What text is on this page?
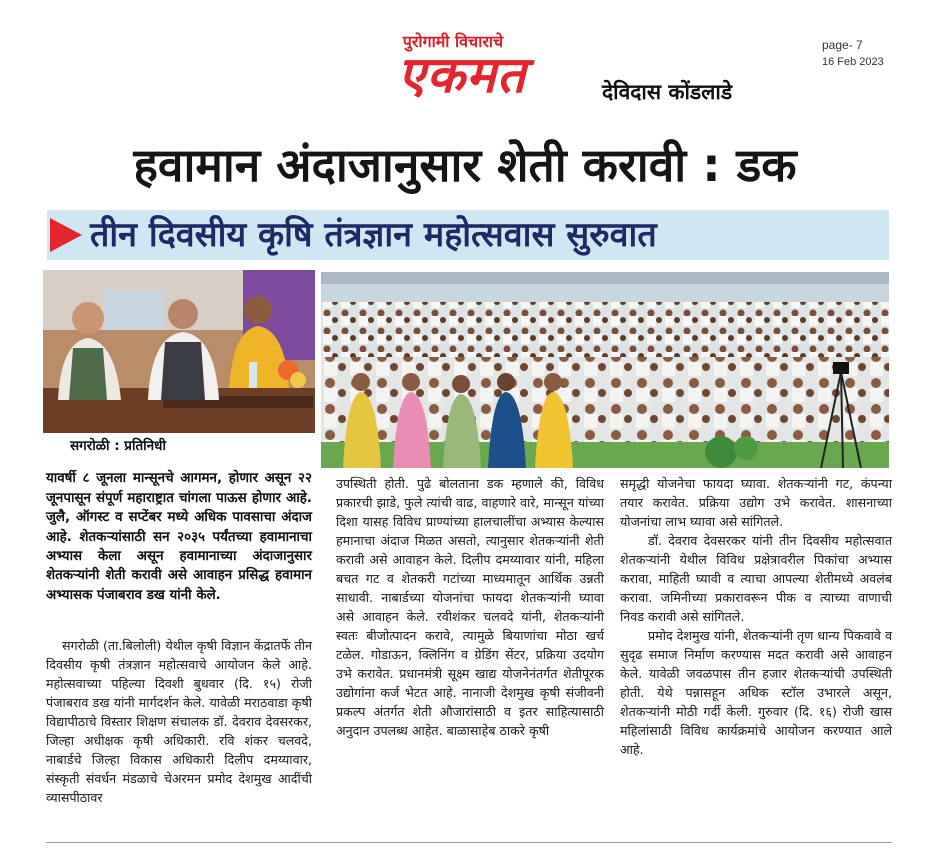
पुरोगामी विचाराचे
एकमत
page- 7
16 Feb 2023
देविदास कोंडलाडे
हवामान अंदाजानुसार शेती करावी : डक
तीन दिवसीय कृषि तंत्रज्ञान महोत्सवास सुरुवात
सगरोळी : प्रतिनिधी

यावर्षी ८ जूनला मान्सूनचे आगमन, होणार असून २२ जूनपासून संपूर्ण महाराष्ट्रात चांगला पाऊस होणार आहे. जुलै, ऑगस्ट व सप्टेंबर मध्ये अधिक पावसाचा अंदाज आहे. शेतकऱ्यांसाठी सन २०३५ पर्यंतच्या हवामानाचा अभ्यास केला असून हवामानाच्या अंदाजानुसार शेतकऱ्यांनी शेती करावी असे आवाहन प्रसिद्ध हवामान अभ्यासक पंजाबराव डख यांनी केले.

सगरोळी (ता.बिलोली) येथील कृषी विज्ञान केंद्रातर्फे तीन दिवसीय कृषी तंत्रज्ञान महोत्सवाचे आयोजन केले आहे. महोत्सवाच्या पहिल्या दिवशी बुधवार (दि. १५) रोजी पंजाबराव डख यांनी मार्गदर्शन केले. यावेळी मराठवाडा कृषी विद्यापीठाचे विस्तार शिक्षण संचालक डॉ. देवराव देवसरकर, जिल्हा अधीक्षक कृषी अधिकारी. रवि शंकर चलवदे, नाबार्डचे जिल्हा विकास अधिकारी दिलीप दमय्यावार, संस्कृती संवर्धन मंडळाचे चेअरमन प्रमोद देशमुख आदींची व्यासपीठावर

उपस्थिती होती. पुढे बोलताना डक म्हणाले की, विविध प्रकारची झाडे, फुले त्यांची वाढ, वाहणारे वारे, मान्सून यांच्या दिशा यासह विविध प्राण्यांच्या हालचालींचा अभ्यास केल्यास हमानाचा अंदाज मिळत असतो, त्यानुसार शेतकऱ्यांनी शेती करावी असे आवाहन केले. दिलीप दमय्यावार यांनी, महिला बचत गट व शेतकरी गटांच्या माध्यमातून आर्थिक उन्नती साधावी. नाबार्डच्या योजनांचा फायदा शेतकऱ्यांनी घ्यावा असे आवाहन केले. रवीशंकर चलवदे यांनी, शेतकऱ्यांनी स्वतः बीजोत्पादन करावे, त्यामुळे बियाणांचा मोठा खर्च टळेल. गोडाऊन, क्लिनिंग व ग्रेडिंग सेंटर, प्रक्रिया उदयोग उभे करावेत. प्रधानमंत्री सूक्ष्म खाद्य योजनेनंतर्गत शेतीपूरक उद्योगांना कर्ज भेटत आहे. नानाजी देशमुख कृषी संजीवनी प्रकल्प अंतर्गत शेती औजारांसाठी व इतर साहित्यासाठी अनुदान उपलब्ध आहेत. बाळासाहेब ठाकरे कृषी

समृद्धी योजनेचा फायदा घ्यावा. शेतकऱ्यांनी गट, कंपन्या तयार करावेत. प्रक्रिया उद्योग उभे करावेत. शासनाच्या योजनांचा लाभ घ्यावा असे सांगितले.

डॉ. देवराव देवसरकर यांनी तीन दिवसीय महोत्सवात शेतकऱ्यांनी येथील विविध प्रक्षेत्रावरील पिकांचा अभ्यास करावा, माहिती घ्यावी व त्याचा आपल्या शेतीमध्ये अवलंब करावा. जमिनीच्या प्रकारावरून पीक व त्याच्या वाणाची निवड करावी असे सांगितले.

प्रमोद देशमुख यांनी, शेतकऱ्यांनी तृण धान्य पिकवावे व सुदृढ समाज निर्माण करण्यास मदत करावी असे आवाहन केले. यावेळी जवळपास तीन हजार शेतकऱ्यांची उपस्थिती होती. येथे पन्नासहून अधिक स्टॉल उभारले असून, शेतकऱ्यांनी मोठी गर्दी केली. गुरुवार (दि. १६) रोजी खास महिलांसाठी विविध कार्यक्रमांचे आयोजन करण्यात आले आहे.
